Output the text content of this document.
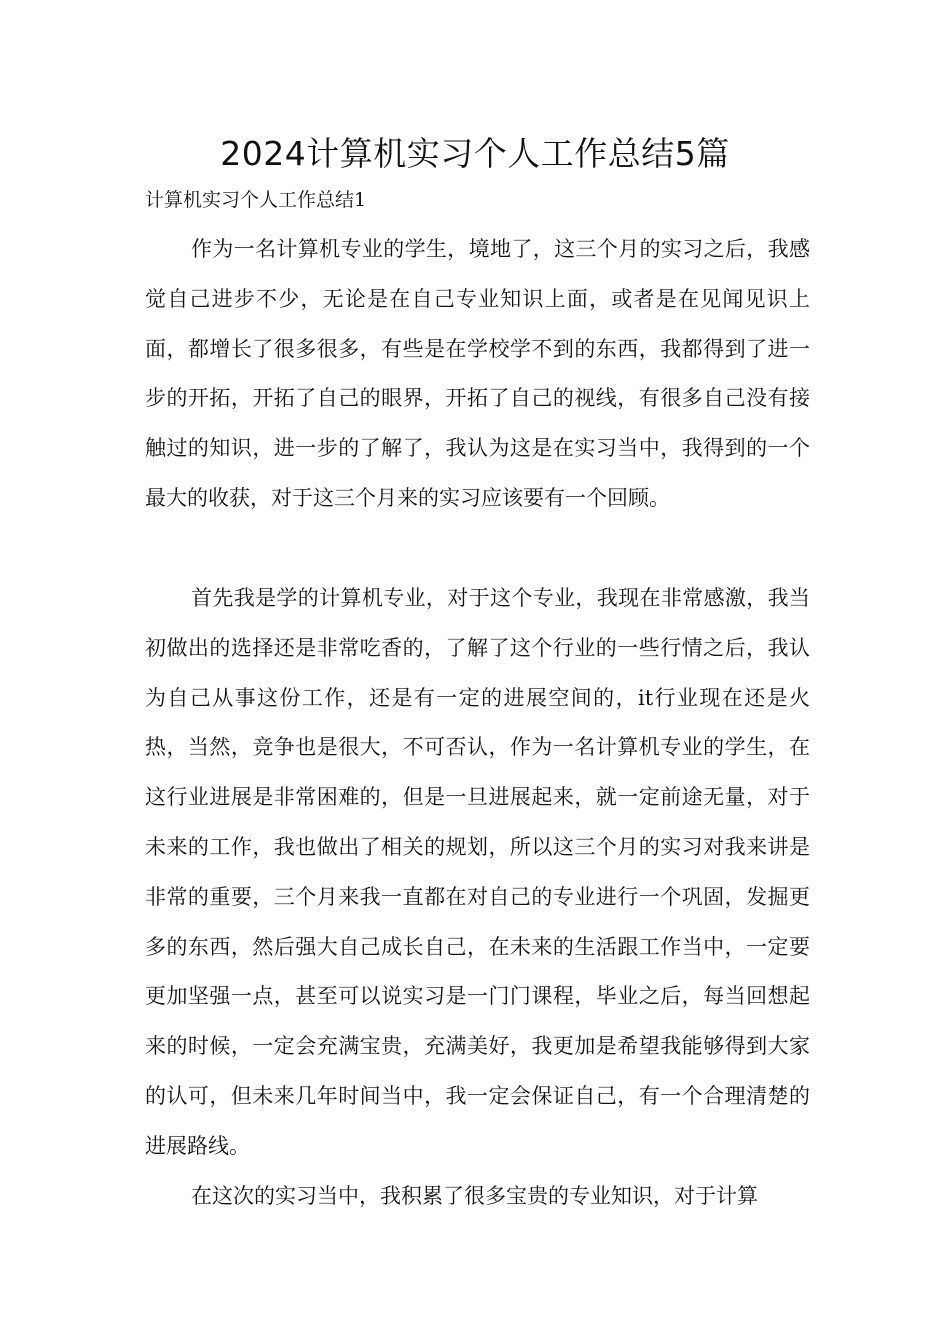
2024计算机实习个人工作总结5篇
计算机实习个人工作总结1

作为一名计算机专业的学生，境地了，这三个月的实习之后，我感觉自己进步不少，无论是在自己专业知识上面，或者是在见闻见识上面，都增长了很多很多，有些是在学校学不到的东西，我都得到了进一步的开拓，开拓了自己的眼界，开拓了自己的视线，有很多自己没有接触过的知识，进一步的了解了，我认为这是在实习当中，我得到的一个最大的收获，对于这三个月来的实习应该要有一个回顾。

首先我是学的计算机专业，对于这个专业，我现在非常感激，我当初做出的选择还是非常吃香的，了解了这个行业的一些行情之后，我认为自己从事这份工作，还是有一定的进展空间的，it行业现在还是火热，当然，竞争也是很大，不可否认，作为一名计算机专业的学生，在这行业进展是非常困难的，但是一旦进展起来，就一定前途无量，对于未来的工作，我也做出了相关的规划，所以这三个月的实习对我来讲是非常的重要，三个月来我一直都在对自己的专业进行一个巩固，发掘更多的东西，然后强大自己成长自己，在未来的生活跟工作当中，一定要更加坚强一点，甚至可以说实习是一门门课程，毕业之后，每当回想起来的时候，一定会充满宝贵，充满美好，我更加是希望我能够得到大家的认可，但未来几年时间当中，我一定会保证自己，有一个合理清楚的进展路线。

在这次的实习当中，我积累了很多宝贵的专业知识，对于计算
